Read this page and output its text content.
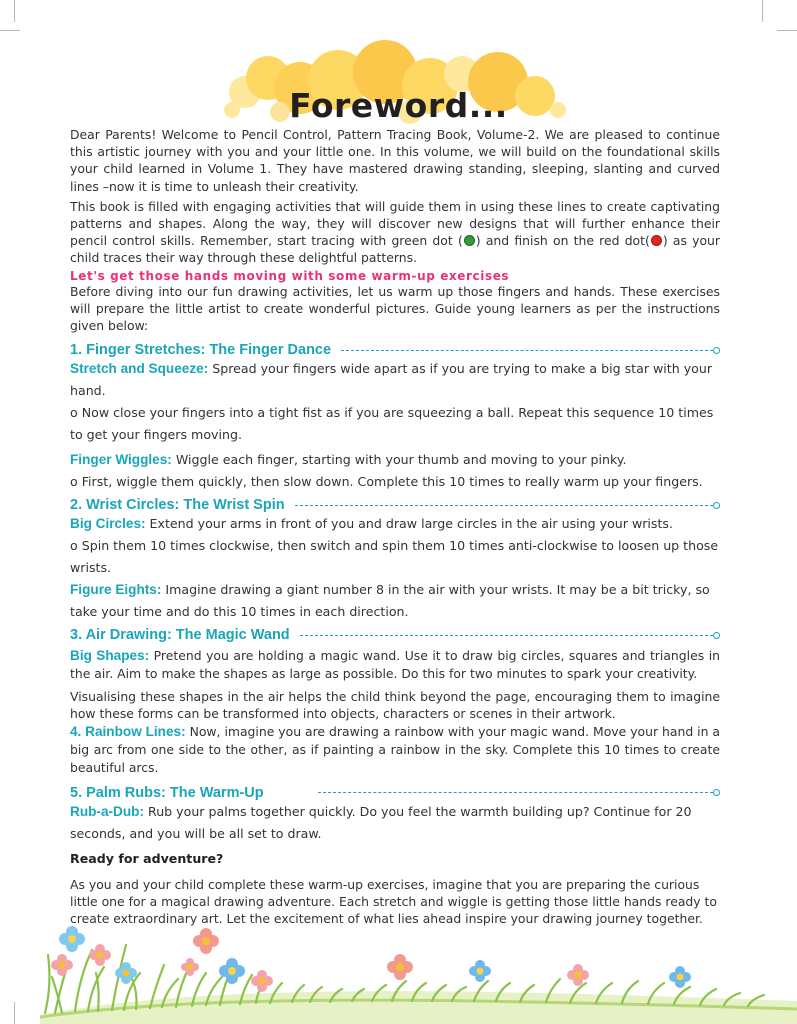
Foreword...

Dear Parents! Welcome to Pencil Control, Pattern Tracing Book, Volume-2. We are pleased to continue this artistic journey with you and your little one. In this volume, we will build on the foundational skills your child learned in Volume 1. They have mastered drawing standing, sleeping, slanting and curved lines –now it is time to unleash their creativity.

This book is filled with engaging activities that will guide them in using these lines to create captivating patterns and shapes. Along the way, they will discover new designs that will further enhance their pencil control skills. Remember, start tracing with green dot ( ) and finish on the red dot( ) as your child traces their way through these delightful patterns.

Let's get those hands moving with some warm-up exercises

Before diving into our fun drawing activities, let us warm up those fingers and hands. These exercises will prepare the little artist to create wonderful pictures. Guide young learners as per the instructions given below:

1. Finger Stretches: The Finger Dance
Stretch and Squeeze: Spread your fingers wide apart as if you are trying to make a big star with your hand.
o Now close your fingers into a tight fist as if you are squeezing a ball. Repeat this sequence 10 times to get your fingers moving.
Finger Wiggles: Wiggle each finger, starting with your thumb and moving to your pinky.
o First, wiggle them quickly, then slow down. Complete this 10 times to really warm up your fingers.
2. Wrist Circles: The Wrist Spin
Big Circles: Extend your arms in front of you and draw large circles in the air using your wrists.
o Spin them 10 times clockwise, then switch and spin them 10 times anti-clockwise to loosen up those wrists.
Figure Eights: Imagine drawing a giant number 8 in the air with your wrists. It may be a bit tricky, so take your time and do this 10 times in each direction.
3. Air Drawing: The Magic Wand

Big Shapes: Pretend you are holding a magic wand. Use it to draw big circles, squares and triangles in the air. Aim to make the shapes as large as possible. Do this for two minutes to spark your creativity.

Visualising these shapes in the air helps the child think beyond the page, encouraging them to imagine how these forms can be transformed into objects, characters or scenes in their artwork.

4. Rainbow Lines: Now, imagine you are drawing a rainbow with your magic wand. Move your hand in a big arc from one side to the other, as if painting a rainbow in the sky. Complete this 10 times to create beautiful arcs.

5. Palm Rubs: The Warm-Up
Rub-a-Dub: Rub your palms together quickly. Do you feel the warmth building up? Continue for 20 seconds, and you will be all set to draw.
Ready for adventure?

As you and your child complete these warm-up exercises, imagine that you are preparing the curious little one for a magical drawing adventure. Each stretch and wiggle is getting those little hands ready to create extraordinary art. Let the excitement of what lies ahead inspire your drawing journey together.
